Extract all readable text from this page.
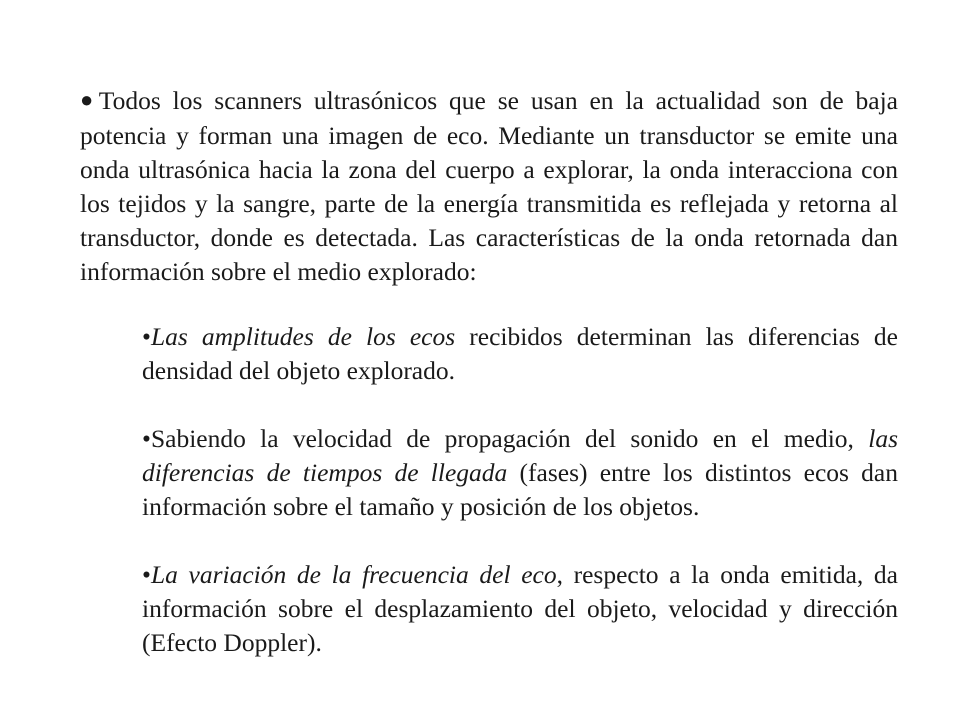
●Todos los scanners ultrasónicos que se usan en la actualidad son de baja potencia y forman una imagen de eco. Mediante un transductor se emite una onda ultrasónica hacia la zona del cuerpo a explorar, la onda interacciona con los tejidos y la sangre, parte de la energía transmitida es reflejada y retorna al transductor, donde es detectada. Las características de la onda retornada dan información sobre el medio explorado:

•Las amplitudes de los ecos recibidos determinan las diferencias de densidad del objeto explorado.

•Sabiendo la velocidad de propagación del sonido en el medio, las diferencias de tiempos de llegada (fases) entre los distintos ecos dan información sobre el tamaño y posición de los objetos.

•La variación de la frecuencia del eco, respecto a la onda emitida, da información sobre el desplazamiento del objeto, velocidad y dirección (Efecto Doppler).
